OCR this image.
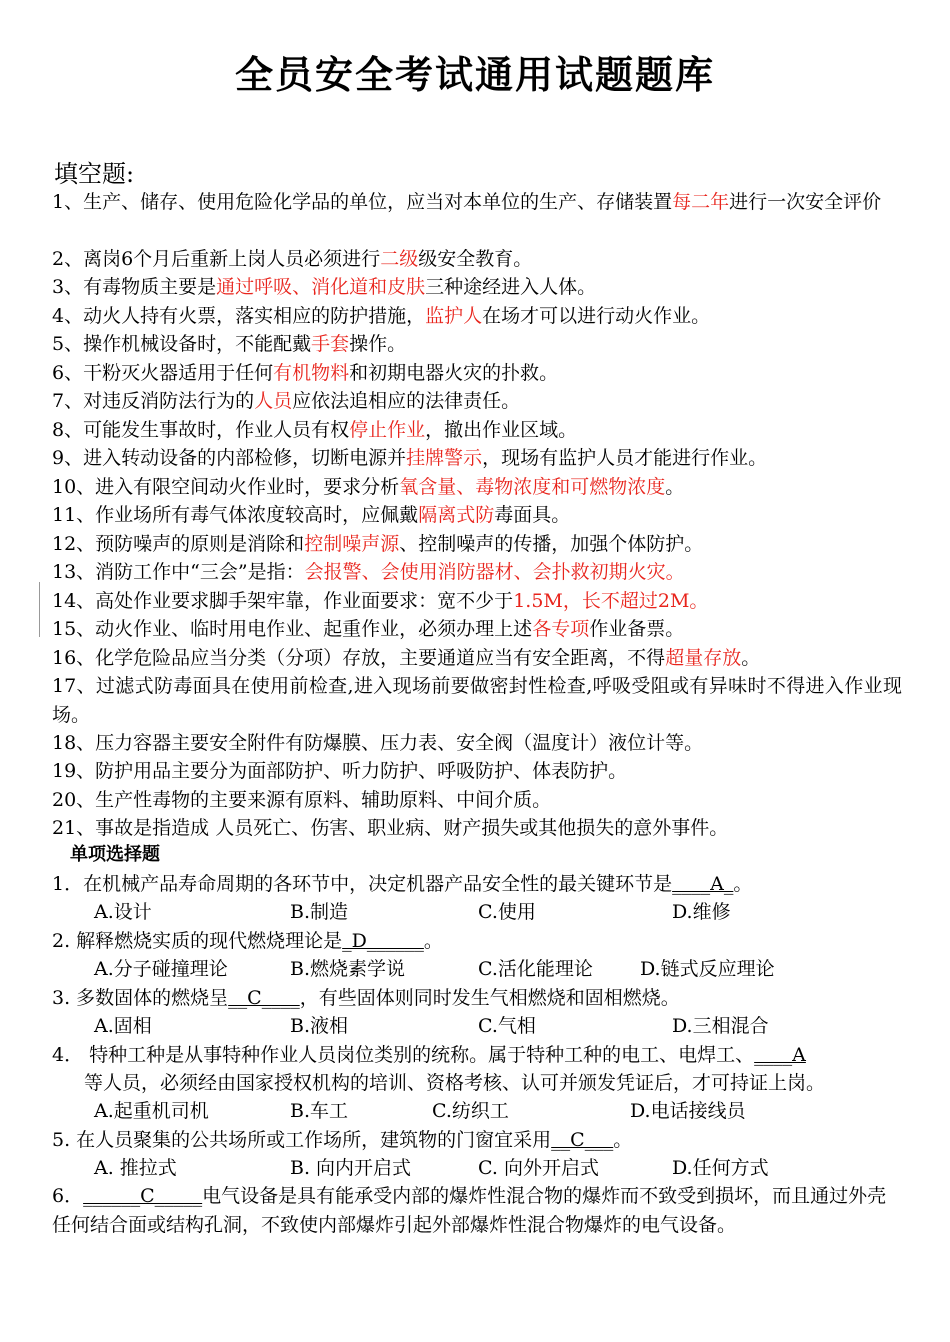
全员安全考试通用试题题库
填空题:
1、生产、储存、使用危险化学品的单位，应当对本单位的生产、存储装置每二年进行一次安全评价
2、离岗6个月后重新上岗人员必须进行二级级安全教育。
3、有毒物质主要是通过呼吸、消化道和皮肤三种途经进入人体。
4、动火人持有火票，落实相应的防护措施，监护人在场才可以进行动火作业。
5、操作机械设备时，不能配戴手套操作。
6、干粉灭火器适用于任何有机物料和初期电器火灾的扑救。
7、对违反消防法行为的人员应依法追相应的法律责任。
8、可能发生事故时，作业人员有权停止作业，撤出作业区域。
9、进入转动设备的内部检修，切断电源并挂牌警示，现场有监护人员才能进行作业。
10、进入有限空间动火作业时，要求分析氧含量、毒物浓度和可燃物浓度。
11、作业场所有毒气体浓度较高时，应佩戴隔离式防毒面具。
12、预防噪声的原则是消除和控制噪声源、控制噪声的传播，加强个体防护。
13、消防工作中“三会”是指：会报警、会使用消防器材、会扑救初期火灾。
14、高处作业要求脚手架牢靠，作业面要求：宽不少于1.5M，长不超过2M。
15、动火作业、临时用电作业、起重作业，必须办理上述各专项作业备票。
16、化学危险品应当分类（分项）存放，主要通道应当有安全距离，不得超量存放。
17、过滤式防毒面具在使用前检查,进入现场前要做密封性检查,呼吸受阻或有异味时不得进入作业现场。
18、压力容器主要安全附件有防爆膜、压力表、安全阀（温度计）液位计等。
19、防护用品主要分为面部防护、听力防护、呼吸防护、体表防护。
20、生产性毒物的主要来源有原料、辅助原料、中间介质。
21、事故是指造成 人员死亡、伤害、职业病、财产损失或其他损失的意外事件。
单项选择题
1．在机械产品寿命周期的各环节中，决定机器产品安全性的最关键环节是____A_。
A.设计	B.制造	C.使用	D.维修
2. 解释燃烧实质的现代燃烧理论是_D______。
A.分子碰撞理论	B.燃烧素学说	C.活化能理论 D.链式反应理论
3. 多数固体的燃烧呈__C____，有些固体则同时发生气相燃烧和固相燃烧。
A.固相	B.液相	C.气相	D.三相混合
4． 特种工种是从事特种作业人员岗位类别的统称。属于特种工种的电工、电焊工、____A
等人员，必须经由国家授权机构的培训、资格考核、认可并颁发凭证后，才可持证上岗。
A.起重机司机	B.车工	C.纺织工	D.电话接线员
5. 在人员聚集的公共场所或工作场所，建筑物的门窗宜采用__C___。
A. 推拉式	B. 向内开启式	C. 向外开启式	D.任何方式
6．______C_____电气设备是具有能承受内部的爆炸性混合物的爆炸而不致受到损坏，而且通过外壳任何结合面或结构孔洞，不致使内部爆炸引起外部爆炸性混合物爆炸的电气设备。
